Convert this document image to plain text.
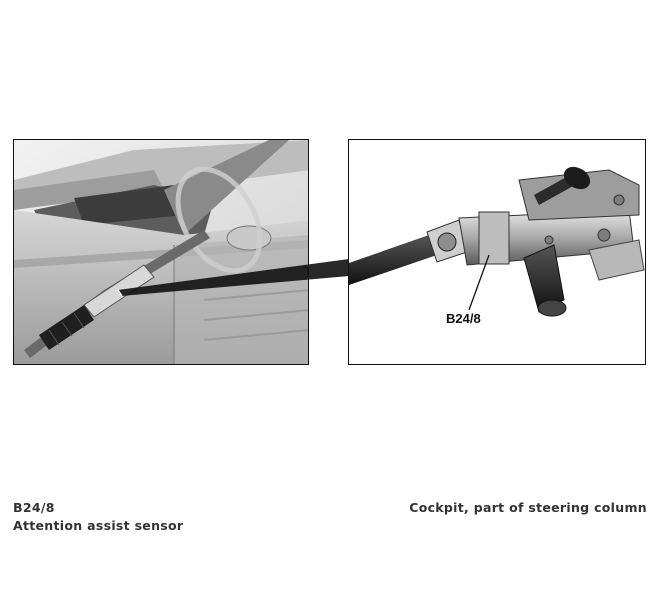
B24/8
B24/8
Attention assist sensor
Cockpit, part of steering column
